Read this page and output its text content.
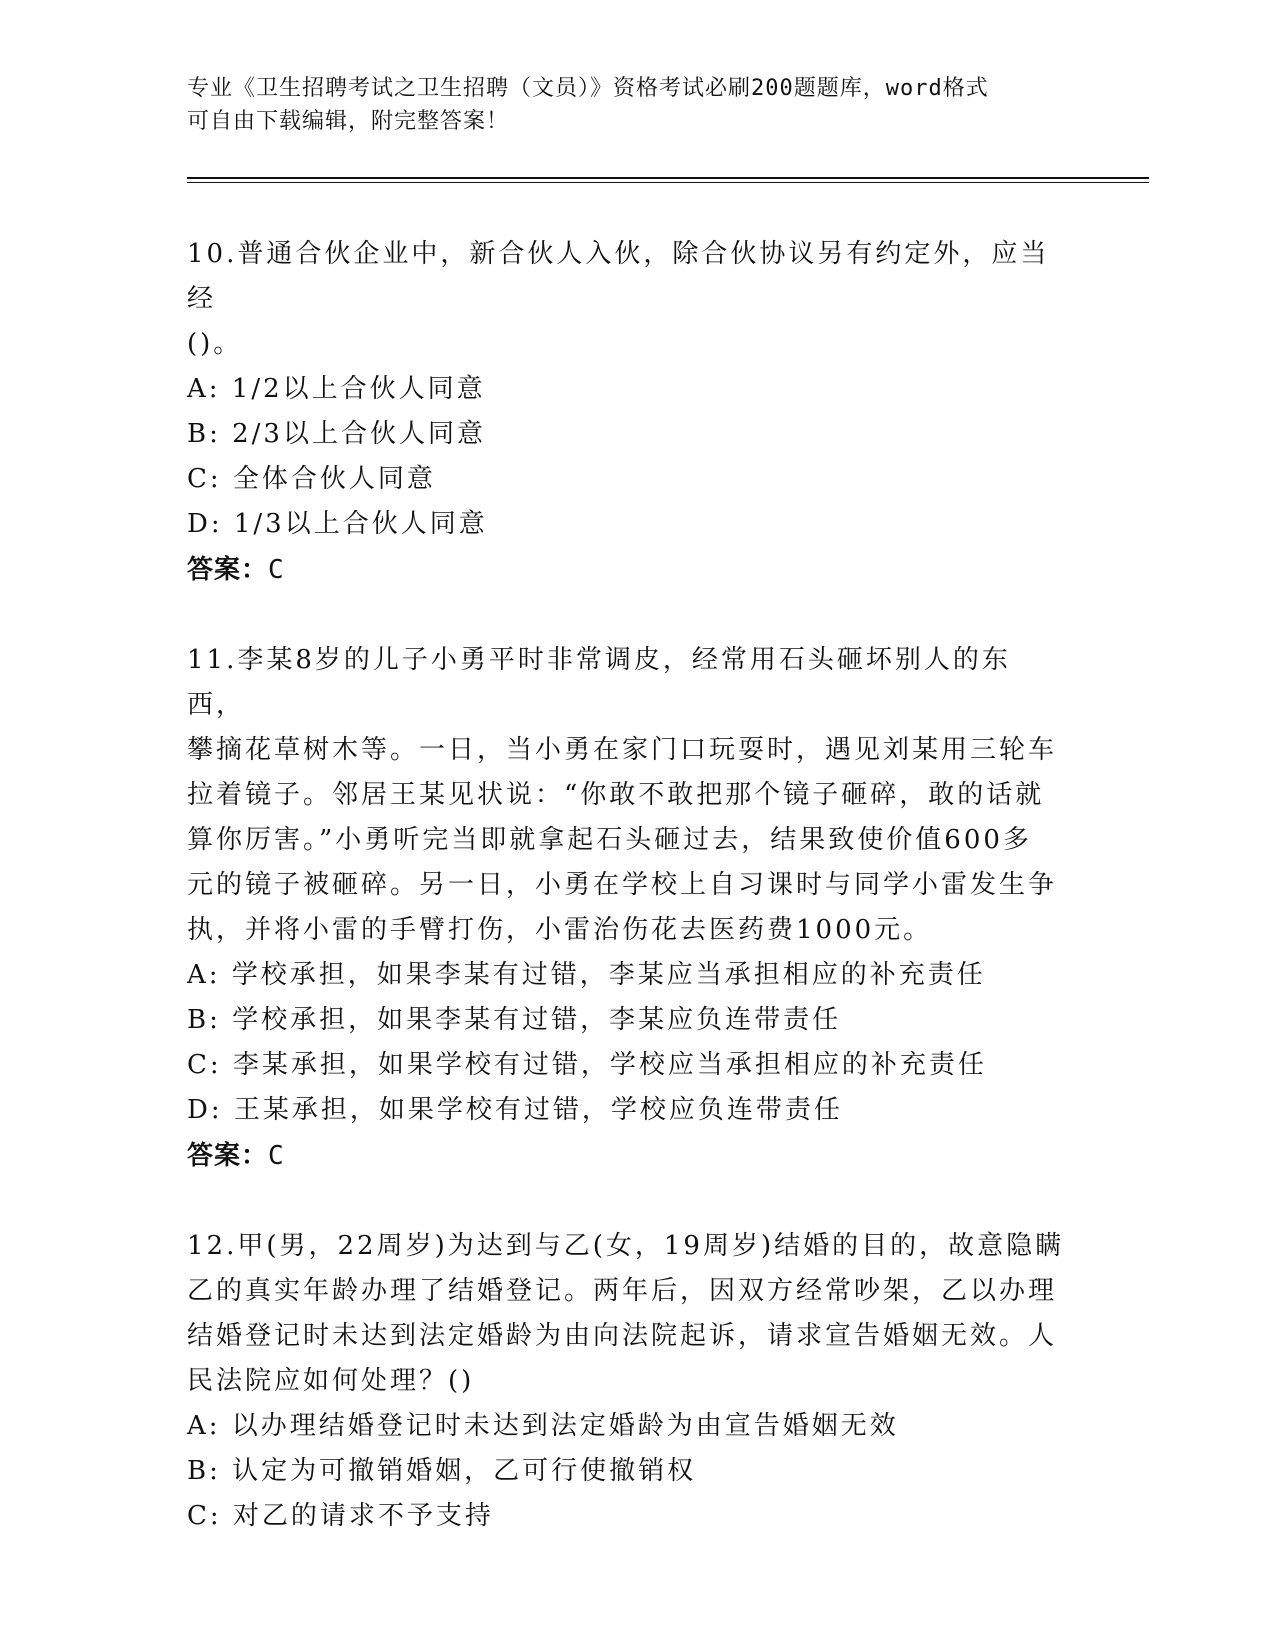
专业《卫生招聘考试之卫生招聘（文员）》资格考试必刷200题题库，word格式
可自由下载编辑，附完整答案！
10.普通合伙企业中，新合伙人入伙，除合伙协议另有约定外，应当经
()。
A: 1/2以上合伙人同意
B: 2/3以上合伙人同意
C: 全体合伙人同意
D: 1/3以上合伙人同意
答案：C
11.李某8岁的儿子小勇平时非常调皮，经常用石头砸坏别人的东西，
攀摘花草树木等。一日，当小勇在家门口玩耍时，遇见刘某用三轮车
拉着镜子。邻居王某见状说：“你敢不敢把那个镜子砸碎，敢的话就
算你厉害。”小勇听完当即就拿起石头砸过去，结果致使价值600多
元的镜子被砸碎。另一日，小勇在学校上自习课时与同学小雷发生争
执，并将小雷的手臂打伤，小雷治伤花去医药费1000元。
A: 学校承担，如果李某有过错，李某应当承担相应的补充责任
B: 学校承担，如果李某有过错，李某应负连带责任
C: 李某承担，如果学校有过错，学校应当承担相应的补充责任
D: 王某承担，如果学校有过错，学校应负连带责任
答案：C
12.甲(男，22周岁)为达到与乙(女，19周岁)结婚的目的，故意隐瞒
乙的真实年龄办理了结婚登记。两年后，因双方经常吵架，乙以办理
结婚登记时未达到法定婚龄为由向法院起诉，请求宣告婚姻无效。人
民法院应如何处理？()
A: 以办理结婚登记时未达到法定婚龄为由宣告婚姻无效
B: 认定为可撤销婚姻，乙可行使撤销权
C: 对乙的请求不予支持
